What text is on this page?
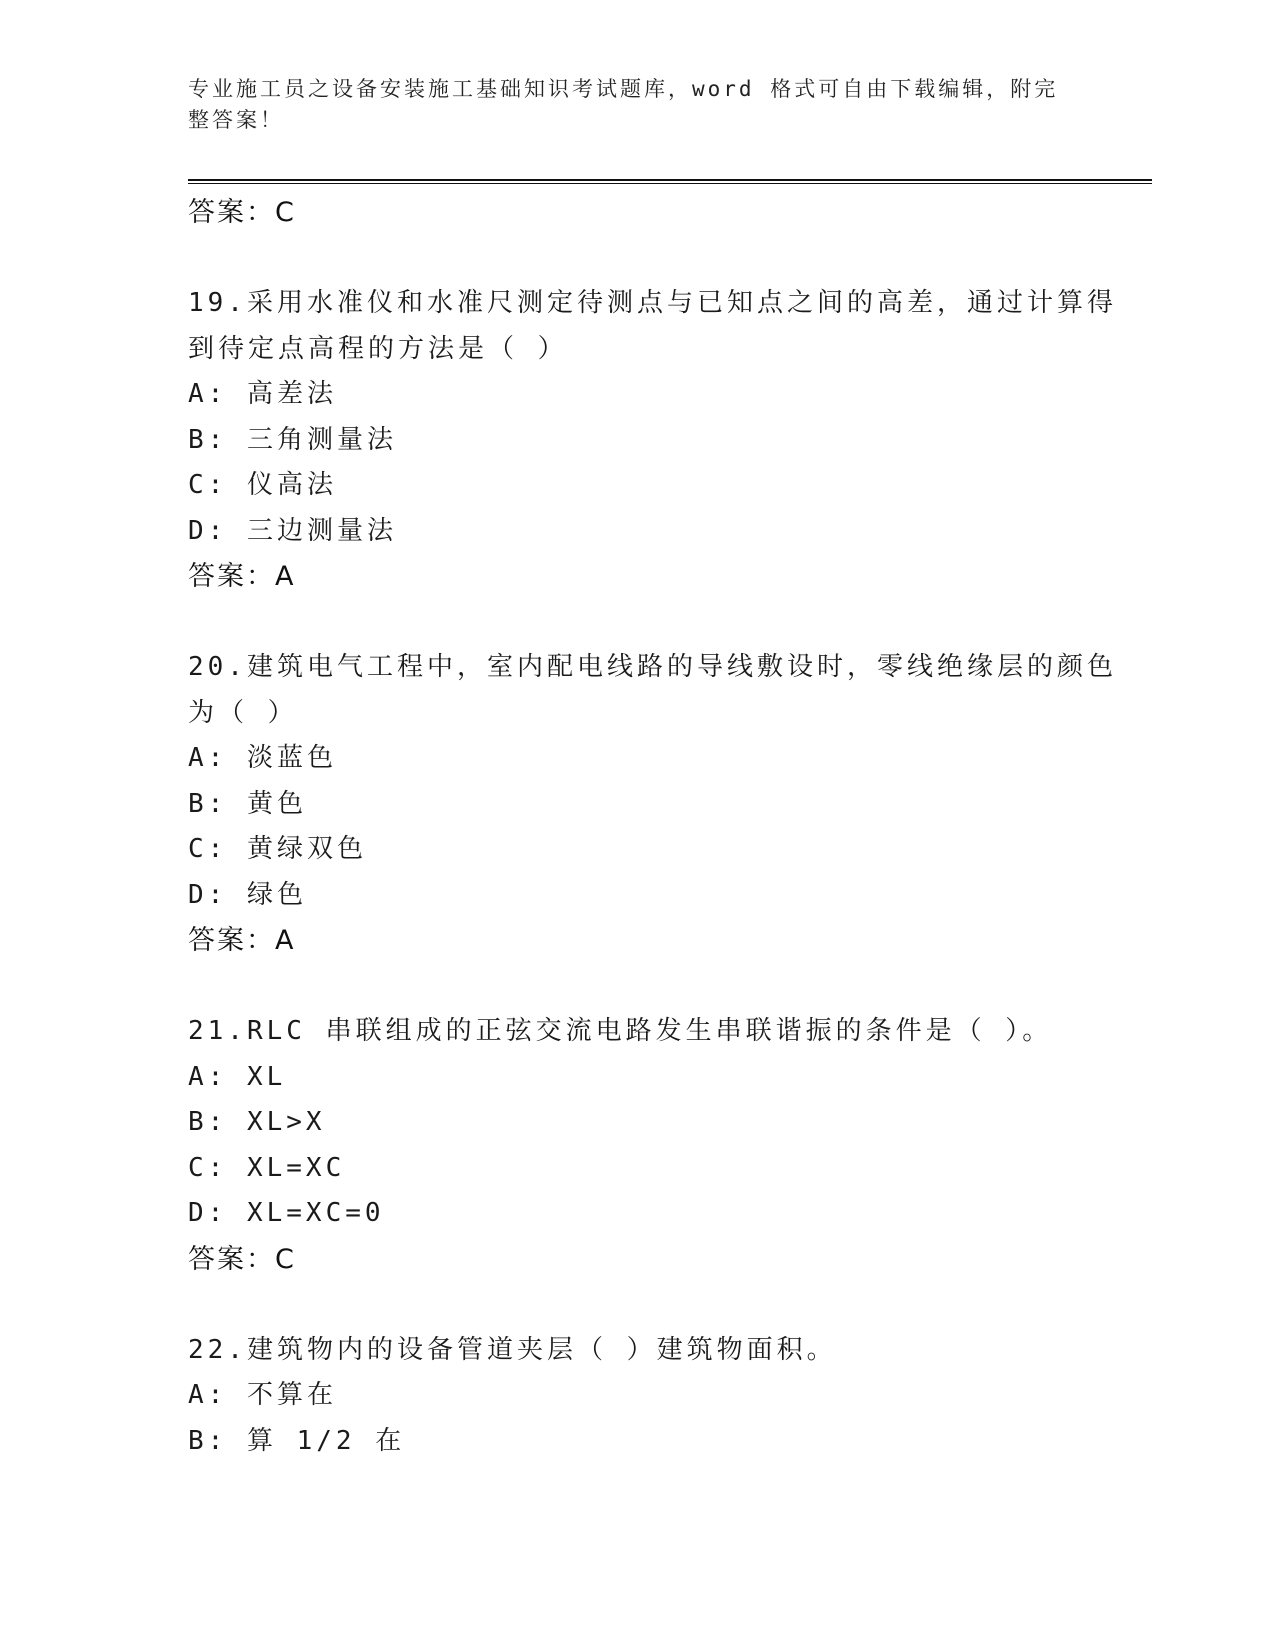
专业施工员之设备安装施工基础知识考试题库，word 格式可自由下载编辑，附完
整答案！
答案：C
19.采用水准仪和水准尺测定待测点与已知点之间的高差，通过计算得
到待定点高程的方法是（ ）
A: 高差法
B: 三角测量法
C: 仪高法
D: 三边测量法
答案：A
20.建筑电气工程中，室内配电线路的导线敷设时，零线绝缘层的颜色
为（ ）
A: 淡蓝色
B: 黄色
C: 黄绿双色
D: 绿色
答案：A
21.RLC 串联组成的正弦交流电路发生串联谐振的条件是（ ）。
A: XL
B: XL>X
C: XL=XC
D: XL=XC=0
答案：C
22.建筑物内的设备管道夹层（ ）建筑物面积。
A: 不算在
B: 算 1/2 在
